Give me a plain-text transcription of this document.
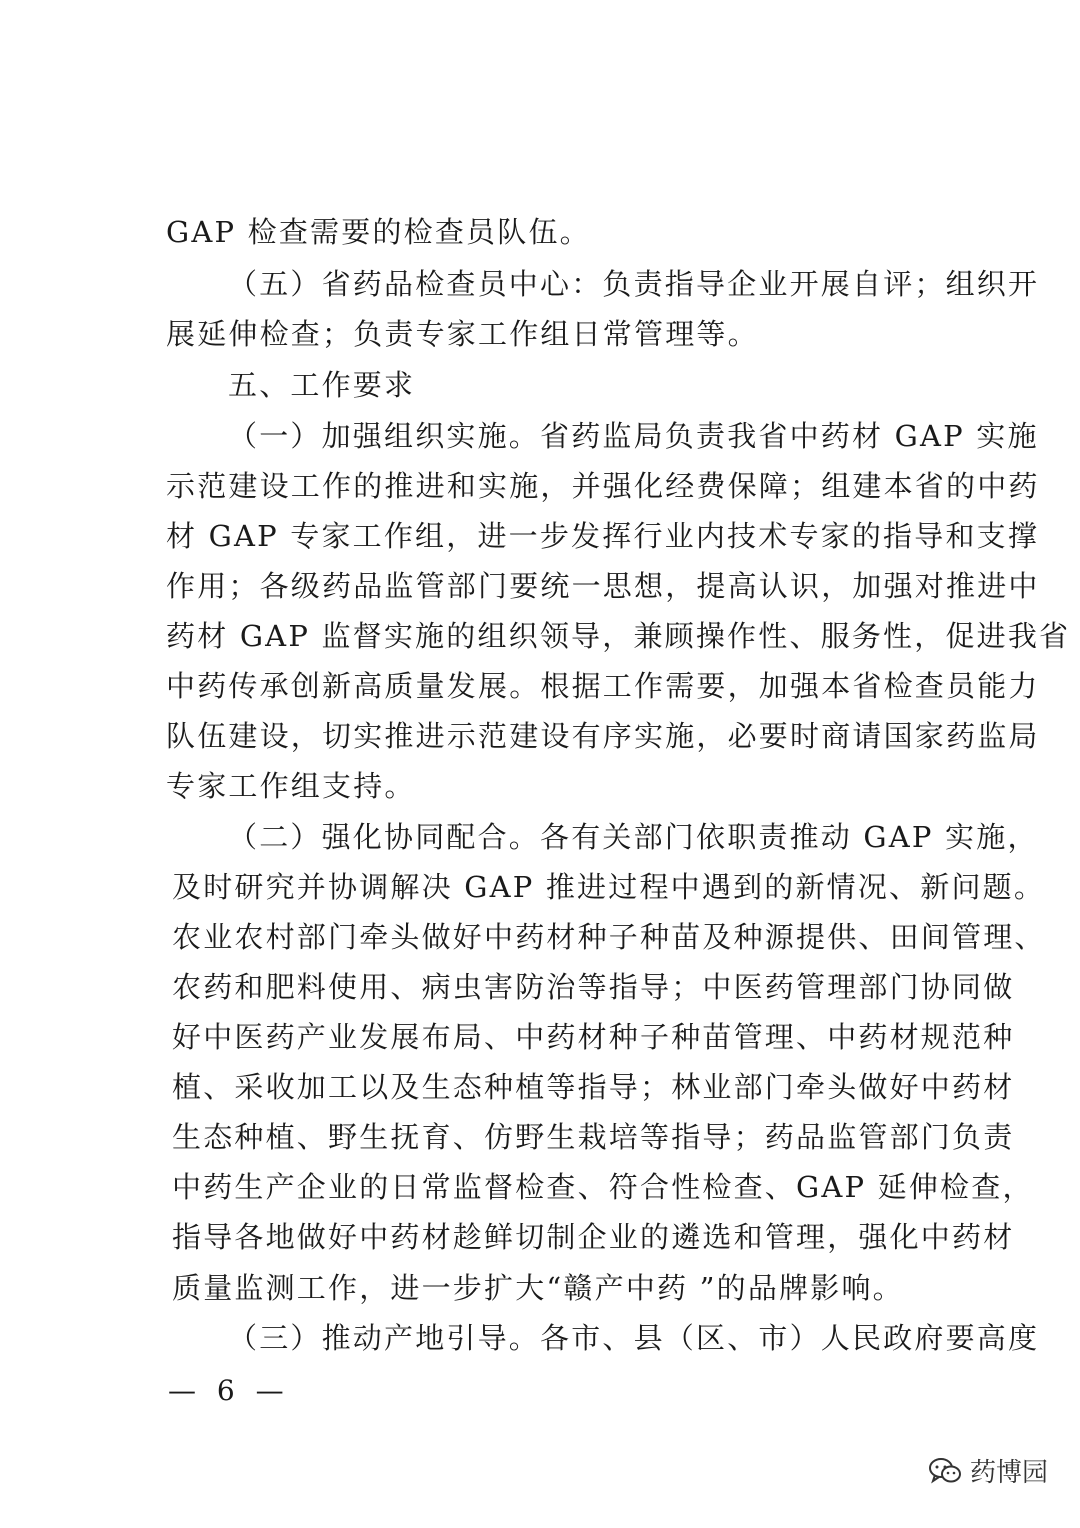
GAP 检查需要的检查员队伍。
（五）省药品检查员中心：负责指导企业开展自评；组织开
展延伸检查；负责专家工作组日常管理等。
五、工作要求
（一）加强组织实施。省药监局负责我省中药材 GAP 实施
示范建设工作的推进和实施，并强化经费保障；组建本省的中药
材 GAP 专家工作组，进一步发挥行业内技术专家的指导和支撑
作用；各级药品监管部门要统一思想，提高认识，加强对推进中
药材 GAP 监督实施的组织领导，兼顾操作性、服务性，促进我省
中药传承创新高质量发展。根据工作需要，加强本省检查员能力
队伍建设，切实推进示范建设有序实施，必要时商请国家药监局
专家工作组支持。
（二）强化协同配合。各有关部门依职责推动 GAP 实施，
及时研究并协调解决 GAP 推进过程中遇到的新情况、新问题。
农业农村部门牵头做好中药材种子种苗及种源提供、田间管理、
农药和肥料使用、病虫害防治等指导；中医药管理部门协同做
好中医药产业发展布局、中药材种子种苗管理、中药材规范种
植、采收加工以及生态种植等指导；林业部门牵头做好中药材
生态种植、野生抚育、仿野生栽培等指导；药品监管部门负责
中药生产企业的日常监督检查、符合性检查、GAP 延伸检查，
指导各地做好中药材趁鲜切制企业的遴选和管理，强化中药材
质量监测工作，进一步扩大“赣产中药 ”的品牌影响。
（三）推动产地引导。各市、县（区、市）人民政府要高度
— 6 —
药博园
